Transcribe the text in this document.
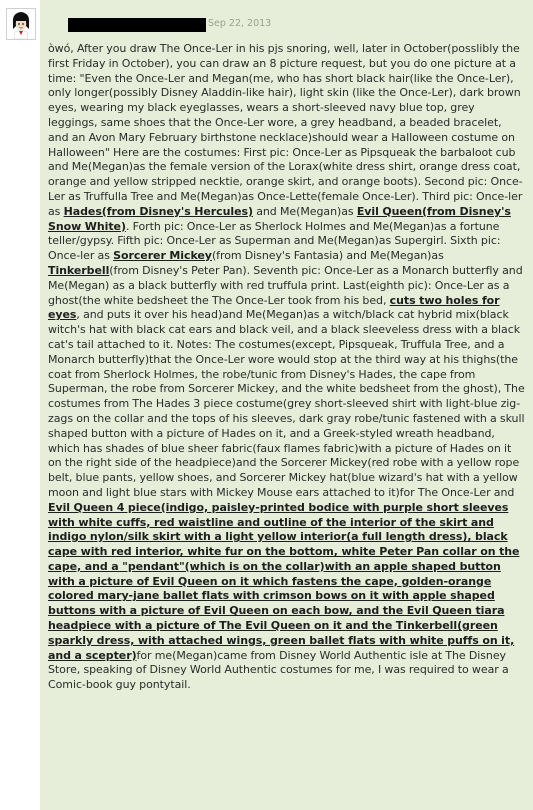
Sep 22, 2013
òwó, After you draw The Once-Ler in his pjs snoring, well, later in October(posslibly the first Friday in October), you can draw an 8 picture request, but you do one picture at a time: "Even the Once-Ler and Megan(me, who has short black hair(like the Once-Ler), only longer(possibly Disney Aladdin-like hair), light skin (like the Once-Ler), dark brown eyes, wearing my black eyeglasses, wears a short-sleeved navy blue top, grey leggings, same shoes that the Once-Ler wore, a grey headband, a beaded bracelet, and an Avon Mary February birthstone necklace)should wear a Halloween costume on Halloween" Here are the costumes: First pic: Once-Ler as Pipsqueak the barbaloot cub and Me(Megan)as the female version of the Lorax(white dress shirt, orange dress coat, orange and yellow stripped necktie, orange skirt, and orange boots). Second pic: Once-Ler as Truffulla Tree and Me(Megan)as Once-Lette(female Once-Ler). Third pic: Once-ler as Hades(from Disney's Hercules) and Me(Megan)as Evil Queen(from Disney's Snow White). Forth pic: Once-Ler as Sherlock Holmes and Me(Megan)as a fortune teller/gypsy. Fifth pic: Once-Ler as Superman and Me(Megan)as Supergirl. Sixth pic: Once-ler as Sorcerer Mickey(from Disney's Fantasia) and Me(Megan)as Tinkerbell(from Disney's Peter Pan). Seventh pic: Once-Ler as a Monarch butterfly and Me(Megan) as a black butterfly with red truffula print. Last(eighth pic): Once-Ler as a ghost(the white bedsheet the The Once-Ler took from his bed, cuts two holes for eyes, and puts it over his head)and Me(Megan)as a witch/black cat hybrid mix(black witch's hat with black cat ears and black veil, and a black sleeveless dress with a black cat's tail attached to it. Notes: The costumes(except, Pipsqueak, Truffula Tree, and a Monarch butterfly)that the Once-Ler wore would stop at the third way at his thighs(the coat from Sherlock Holmes, the robe/tunic from Disney's Hades, the cape from Superman, the robe from Sorcerer Mickey, and the white bedsheet from the ghost), The costumes from The Hades 3 piece costume(grey short-sleeved shirt with light-blue zig-zags on the collar and the tops of his sleeves, dark gray robe/tunic fastened with a skull shaped button with a picture of Hades on it, and a Greek-styled wreath headband, which has shades of blue sheer fabric(faux flames fabric)with a picture of Hades on it on the right side of the headpiece)and the Sorcerer Mickey(red robe with a yellow rope belt, blue pants, yellow shoes, and Sorcerer Mickey hat(blue wizard's hat with a yellow moon and light blue stars with Mickey Mouse ears attached to it)for The Once-Ler and Evil Queen 4 piece(indigo, paisley-printed bodice with purple short sleeves with white cuffs, red waistline and outline of the interior of the skirt and indigo nylon/silk skirt with a light yellow interior(a full length dress), black cape with red interior, white fur on the bottom, white Peter Pan collar on the cape, and a "pendant"(which is on the collar)with an apple shaped button with a picture of Evil Queen on it which fastens the cape, golden-orange colored mary-jane ballet flats with crimson bows on it with apple shaped buttons with a picture of Evil Queen on each bow, and the Evil Queen tiara headpiece with a picture of The Evil Queen on it and the Tinkerbell(green sparkly dress, with attached wings, green ballet flats with white puffs on it, and a scepter)for me(Megan)came from Disney World Authentic isle at The Disney Store, speaking of Disney World Authentic costumes for me, I was required to wear a Comic-book guy pontytail.
